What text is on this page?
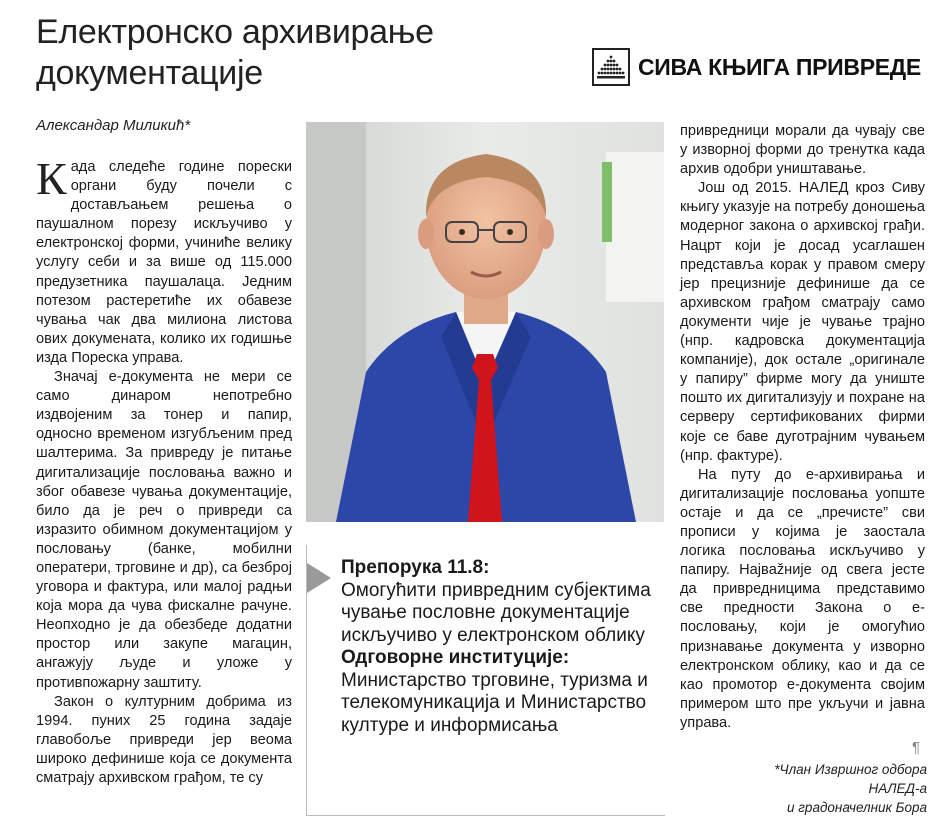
Електронско архивирање
документације	СИВА КЊИГА ПРИВРЕДЕ
Александар Миликић*

Када следеће године порески органи буду почели с достављањем решења о паушалном порезу искључиво у електронској форми, учиниће велику услугу себи и за више од 115.000 предузетника паушалаца. Једним потезом растеретиће их обавезе чувања чак два милиона листова ових докумената, колико их годишње изда Пореска управа.

Значај е-документа не мери се само динаром непотребно издвојеним за тонер и папир, односно временом изгубљеним пред шалтерима. За привреду је питање дигитализације пословања важно и због обавезе чувања документације, било да је реч о привреди са изразито обимном документацијом у пословању (банке, мобилни оператери, трговине и др), са безброј уговора и фактура, или малој радњи која мора да чува фискалне рачуне. Неопходно је да обезбеде додатни простор или закупе магацин, ангажују људе и уложе у противпожарну заштиту.

Закон о културним добрима из 1994. пуних 25 година задаје главобоље привреди јер веома широко дефинише која се документа сматрају архивском грађом, те су

Препорука 11.8:
Омогућити привредним субјектима чување пословне документације искључиво у електронском облику
Одговорне институције:
Министарство трговине, туризма и телекомуникација и Министарство културе и информисања

привредници морали да чувају све у изворној форми до тренутка када архив одобри уништавање.

Још од 2015. НАЛЕД кроз Сиву књигу указује на потребу доношења модерног закона о архивској грађи. Нацрт који је досад усаглашен представља корак у правом смеру јер прецизније дефинише да се архивском грађом сматрају само документи чије је чување трајно (нпр. кадровска документација компаније), док остале „оригинале у папиру” фирме могу да униште пошто их дигитализују и похране на серверу сертификованих фирми које се баве дуготрајним чувањем (нпр. фактуре).

На путу до е-архивирања и дигитализације пословања уопште остаје и да се „пречисте” сви прописи у којима је заостала логика пословања искључиво у папиру. Највažније од свега јесте да привредницима представимо све предности Закона о е-пословању, који је омогућио признавање документа у изворно електронском облику, као и да се као промотор е-документа својим примером што пре укључи и јавна управа.

¶
*Члан Извршног одбора
НАЛЕД-а
и градоначелник Бора
